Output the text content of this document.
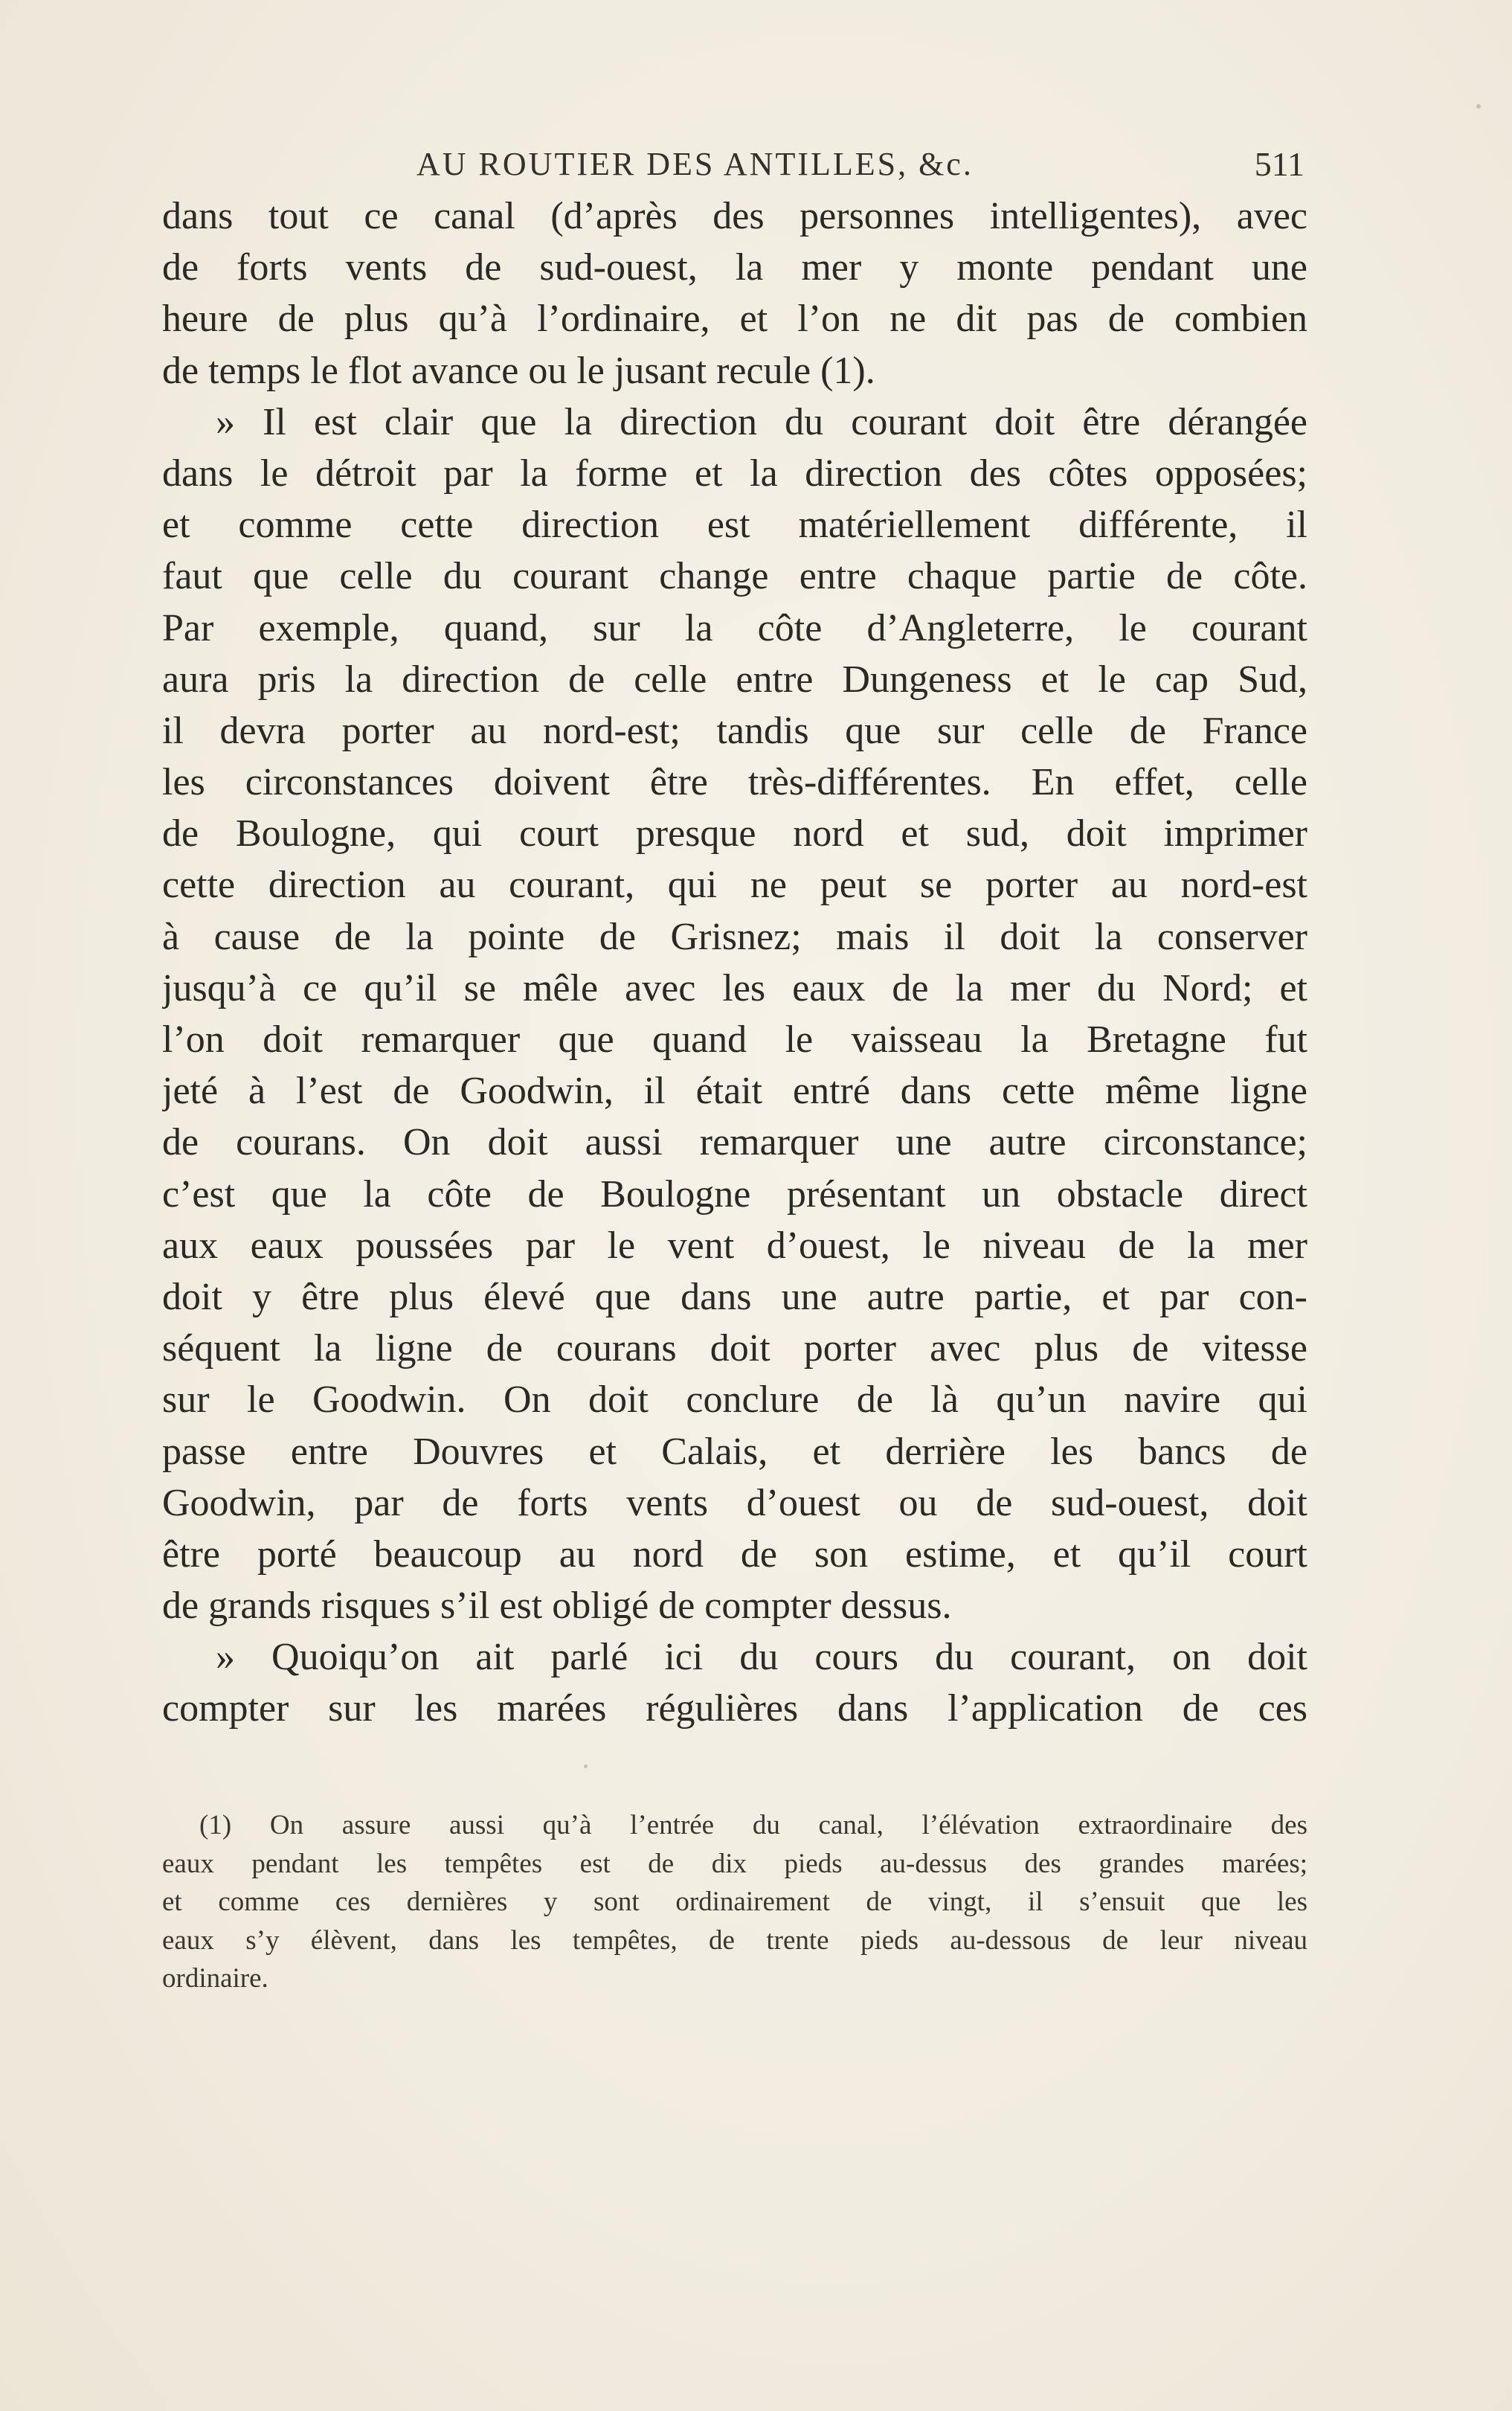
AU ROUTIER DES ANTILLES, &c.	511
dans tout ce canal (d’après des personnes intelligentes), avec
de forts vents de sud-ouest, la mer y monte pendant une
heure de plus qu’à l’ordinaire, et l’on ne dit pas de combien
de temps le flot avance ou le jusant recule (1).
» Il est clair que la direction du courant doit être dérangée
dans le détroit par la forme et la direction des côtes opposées;
et comme cette direction est matériellement différente, il
faut que celle du courant change entre chaque partie de côte.
Par exemple, quand, sur la côte d’Angleterre, le courant
aura pris la direction de celle entre Dungeness et le cap Sud,
il devra porter au nord-est; tandis que sur celle de France
les circonstances doivent être très-différentes. En effet, celle
de Boulogne, qui court presque nord et sud, doit imprimer
cette direction au courant, qui ne peut se porter au nord-est
à cause de la pointe de Grisnez; mais il doit la conserver
jusqu’à ce qu’il se mêle avec les eaux de la mer du Nord; et
l’on doit remarquer que quand le vaisseau la Bretagne fut
jeté à l’est de Goodwin, il était entré dans cette même ligne
de courans. On doit aussi remarquer une autre circonstance;
c’est que la côte de Boulogne présentant un obstacle direct
aux eaux poussées par le vent d’ouest, le niveau de la mer
doit y être plus élevé que dans une autre partie, et par con-
séquent la ligne de courans doit porter avec plus de vitesse
sur le Goodwin. On doit conclure de là qu’un navire qui
passe entre Douvres et Calais, et derrière les bancs de
Goodwin, par de forts vents d’ouest ou de sud-ouest, doit
être porté beaucoup au nord de son estime, et qu’il court
de grands risques s’il est obligé de compter dessus.
» Quoiqu’on ait parlé ici du cours du courant, on doit
compter sur les marées régulières dans l’application de ces
(1) On assure aussi qu’à l’entrée du canal, l’élévation extraordinaire des
eaux pendant les tempêtes est de dix pieds au-dessus des grandes marées;
et comme ces dernières y sont ordinairement de vingt, il s’ensuit que les
eaux s’y élèvent, dans les tempêtes, de trente pieds au-dessous de leur niveau
ordinaire.
